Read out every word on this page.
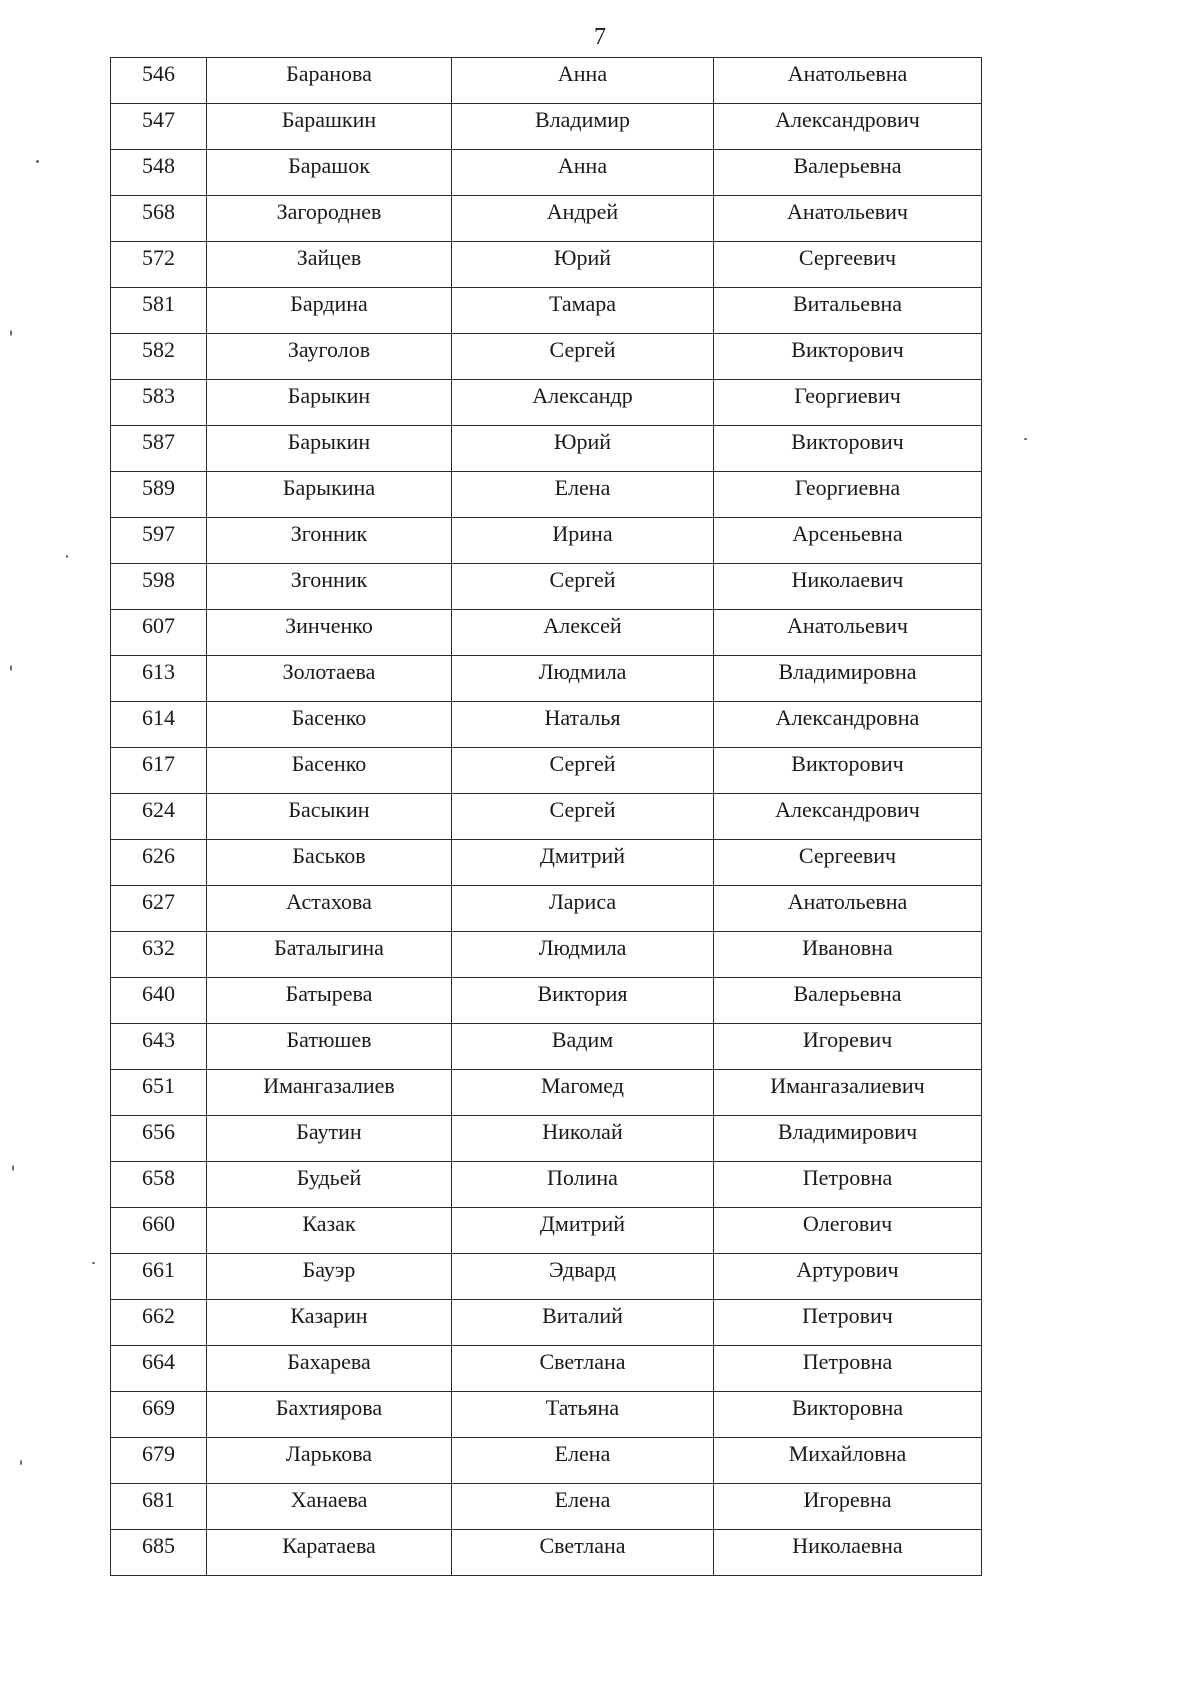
7
546	Баранова	Анна	Анатольевна
547	Барашкин	Владимир	Александрович
548	Барашок	Анна	Валерьевна
568	Загороднев	Андрей	Анатольевич
572	Зайцев	Юрий	Сергеевич
581	Бардина	Тамара	Витальевна
582	Зауголов	Сергей	Викторович
583	Барыкин	Александр	Георгиевич
587	Барыкин	Юрий	Викторович
589	Барыкина	Елена	Георгиевна
597	Згонник	Ирина	Арсеньевна
598	Згонник	Сергей	Николаевич
607	Зинченко	Алексей	Анатольевич
613	Золотаева	Людмила	Владимировна
614	Басенко	Наталья	Александровна
617	Басенко	Сергей	Викторович
624	Басыкин	Сергей	Александрович
626	Баськов	Дмитрий	Сергеевич
627	Астахова	Лариса	Анатольевна
632	Баталыгина	Людмила	Ивановна
640	Батырева	Виктория	Валерьевна
643	Батюшев	Вадим	Игоревич
651	Имангазалиев	Магомед	Имангазалиевич
656	Баутин	Николай	Владимирович
658	Будьей	Полина	Петровна
660	Казак	Дмитрий	Олегович
661	Бауэр	Эдвард	Артурович
662	Казарин	Виталий	Петрович
664	Бахарева	Светлана	Петровна
669	Бахтиярова	Татьяна	Викторовна
679	Ларькова	Елена	Михайловна
681	Ханаева	Елена	Игоревна
685	Каратаева	Светлана	Николаевна
